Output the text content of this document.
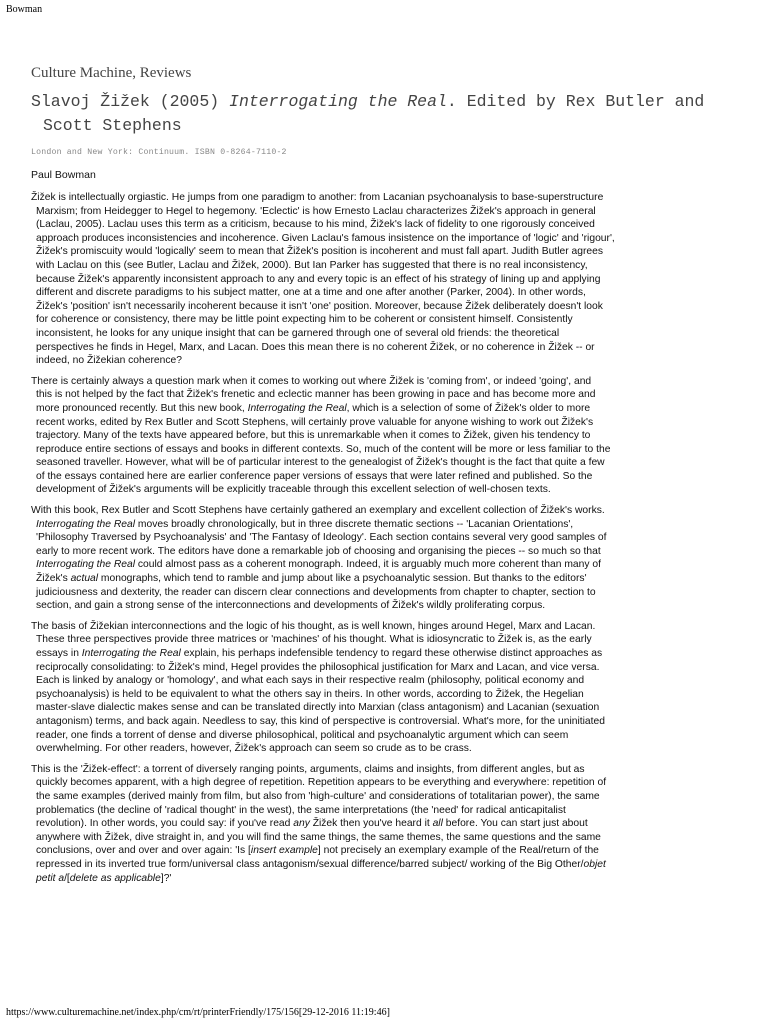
Bowman
Culture Machine, Reviews
Slavoj Žižek (2005) Interrogating the Real. Edited by Rex Butler and Scott Stephens
London and New York: Continuum. ISBN 0-8264-7110-2
Paul Bowman
Žižek is intellectually orgiastic. He jumps from one paradigm to another: from Lacanian psychoanalysis to base-superstructure
Marxism; from Heidegger to Hegel to hegemony. 'Eclectic' is how Ernesto Laclau characterizes Žižek's approach in general
(Laclau, 2005). Laclau uses this term as a criticism, because to his mind, Žižek's lack of fidelity to one rigorously conceived
approach produces inconsistencies and incoherence. Given Laclau's famous insistence on the importance of 'logic' and 'rigour',
Žižek's promiscuity would 'logically' seem to mean that Žižek's position is incoherent and must fall apart. Judith Butler agrees
with Laclau on this (see Butler, Laclau and Žižek, 2000). But Ian Parker has suggested that there is no real inconsistency,
because Žižek's apparently inconsistent approach to any and every topic is an effect of his strategy of lining up and applying
different and discrete paradigms to his subject matter, one at a time and one after another (Parker, 2004). In other words,
Žižek's 'position' isn't necessarily incoherent because it isn't 'one' position. Moreover, because Žižek deliberately doesn't look
for coherence or consistency, there may be little point expecting him to be coherent or consistent himself. Consistently
inconsistent, he looks for any unique insight that can be garnered through one of several old friends: the theoretical
perspectives he finds in Hegel, Marx, and Lacan. Does this mean there is no coherent Žižek, or no coherence in Žižek -- or
indeed, no Žižekian coherence?
There is certainly always a question mark when it comes to working out where Žižek is 'coming from', or indeed 'going', and
this is not helped by the fact that Žižek's frenetic and eclectic manner has been growing in pace and has become more and
more pronounced recently. But this new book, Interrogating the Real, which is a selection of some of Žižek's older to more
recent works, edited by Rex Butler and Scott Stephens, will certainly prove valuable for anyone wishing to work out Žižek's
trajectory. Many of the texts have appeared before, but this is unremarkable when it comes to Žižek, given his tendency to
reproduce entire sections of essays and books in different contexts. So, much of the content will be more or less familiar to the
seasoned traveller. However, what will be of particular interest to the genealogist of Žižek's thought is the fact that quite a few
of the essays contained here are earlier conference paper versions of essays that were later refined and published. So the
development of Žižek's arguments will be explicitly traceable through this excellent selection of well-chosen texts.
With this book, Rex Butler and Scott Stephens have certainly gathered an exemplary and excellent collection of Žižek's works.
Interrogating the Real moves broadly chronologically, but in three discrete thematic sections -- 'Lacanian Orientations',
'Philosophy Traversed by Psychoanalysis' and 'The Fantasy of Ideology'. Each section contains several very good samples of
early to more recent work. The editors have done a remarkable job of choosing and organising the pieces -- so much so that
Interrogating the Real could almost pass as a coherent monograph. Indeed, it is arguably much more coherent than many of
Žižek's actual monographs, which tend to ramble and jump about like a psychoanalytic session. But thanks to the editors'
judiciousness and dexterity, the reader can discern clear connections and developments from chapter to chapter, section to
section, and gain a strong sense of the interconnections and developments of Žižek's wildly proliferating corpus.
The basis of Žižekian interconnections and the logic of his thought, as is well known, hinges around Hegel, Marx and Lacan.
These three perspectives provide three matrices or 'machines' of his thought. What is idiosyncratic to Žižek is, as the early
essays in Interrogating the Real explain, his perhaps indefensible tendency to regard these otherwise distinct approaches as
reciprocally consolidating: to Žižek's mind, Hegel provides the philosophical justification for Marx and Lacan, and vice versa.
Each is linked by analogy or 'homology', and what each says in their respective realm (philosophy, political economy and
psychoanalysis) is held to be equivalent to what the others say in theirs. In other words, according to Žižek, the Hegelian
master-slave dialectic makes sense and can be translated directly into Marxian (class antagonism) and Lacanian (sexuation
antagonism) terms, and back again. Needless to say, this kind of perspective is controversial. What's more, for the uninitiated
reader, one finds a torrent of dense and diverse philosophical, political and psychoanalytic argument which can seem
overwhelming. For other readers, however, Žižek's approach can seem so crude as to be crass.
This is the 'Žižek-effect': a torrent of diversely ranging points, arguments, claims and insights, from different angles, but as
quickly becomes apparent, with a high degree of repetition. Repetition appears to be everything and everywhere: repetition of
the same examples (derived mainly from film, but also from 'high-culture' and considerations of totalitarian power), the same
problematics (the decline of 'radical thought' in the west), the same interpretations (the 'need' for radical anticapitalist
revolution). In other words, you could say: if you've read any Žižek then you've heard it all before. You can start just about
anywhere with Žižek, dive straight in, and you will find the same things, the same themes, the same questions and the same
conclusions, over and over and over again: 'Is [insert example] not precisely an exemplary example of the Real/return of the
repressed in its inverted true form/universal class antagonism/sexual difference/barred subject/ working of the Big Other/objet
petit a/[delete as applicable]?'
https://www.culturemachine.net/index.php/cm/rt/printerFriendly/175/156[29-12-2016 11:19:46]
